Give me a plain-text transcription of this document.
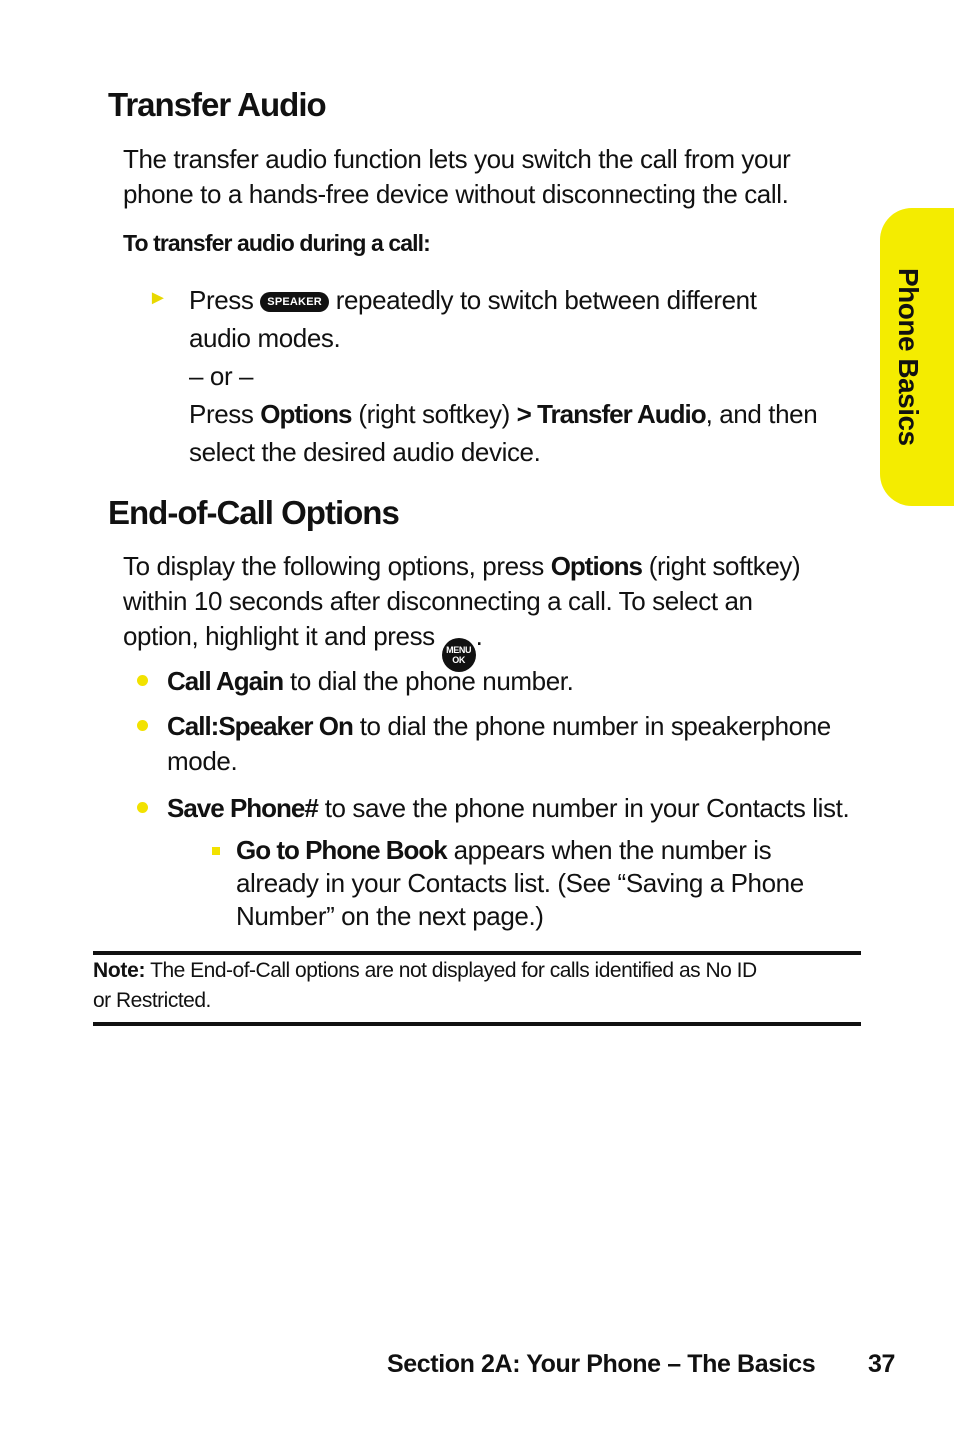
Phone Basics
Transfer Audio
The transfer audio function lets you switch the call from your
phone to a hands-free device without disconnecting the call.
To transfer audio during a call:
► Press SPEAKER repeatedly to switch between different
audio modes.
– or –
Press Options (right softkey) > Transfer Audio, and then
select the desired audio device.
End-of-Call Options
To display the following options, press Options (right softkey)
within 10 seconds after disconnecting a call. To select an
option, highlight it and press MENU
OK
.
Call Again to dial the phone number.
Call:Speaker On to dial the phone number in speakerphone
mode.
Save Phone# to save the phone number in your Contacts list.
Go to Phone Book appears when the number is
already in your Contacts list. (See “Saving a Phone
Number” on the next page.)
Note: The End-of-Call options are not displayed for calls identified as No ID
or Restricted.
Section 2A: Your Phone – The Basics 37
